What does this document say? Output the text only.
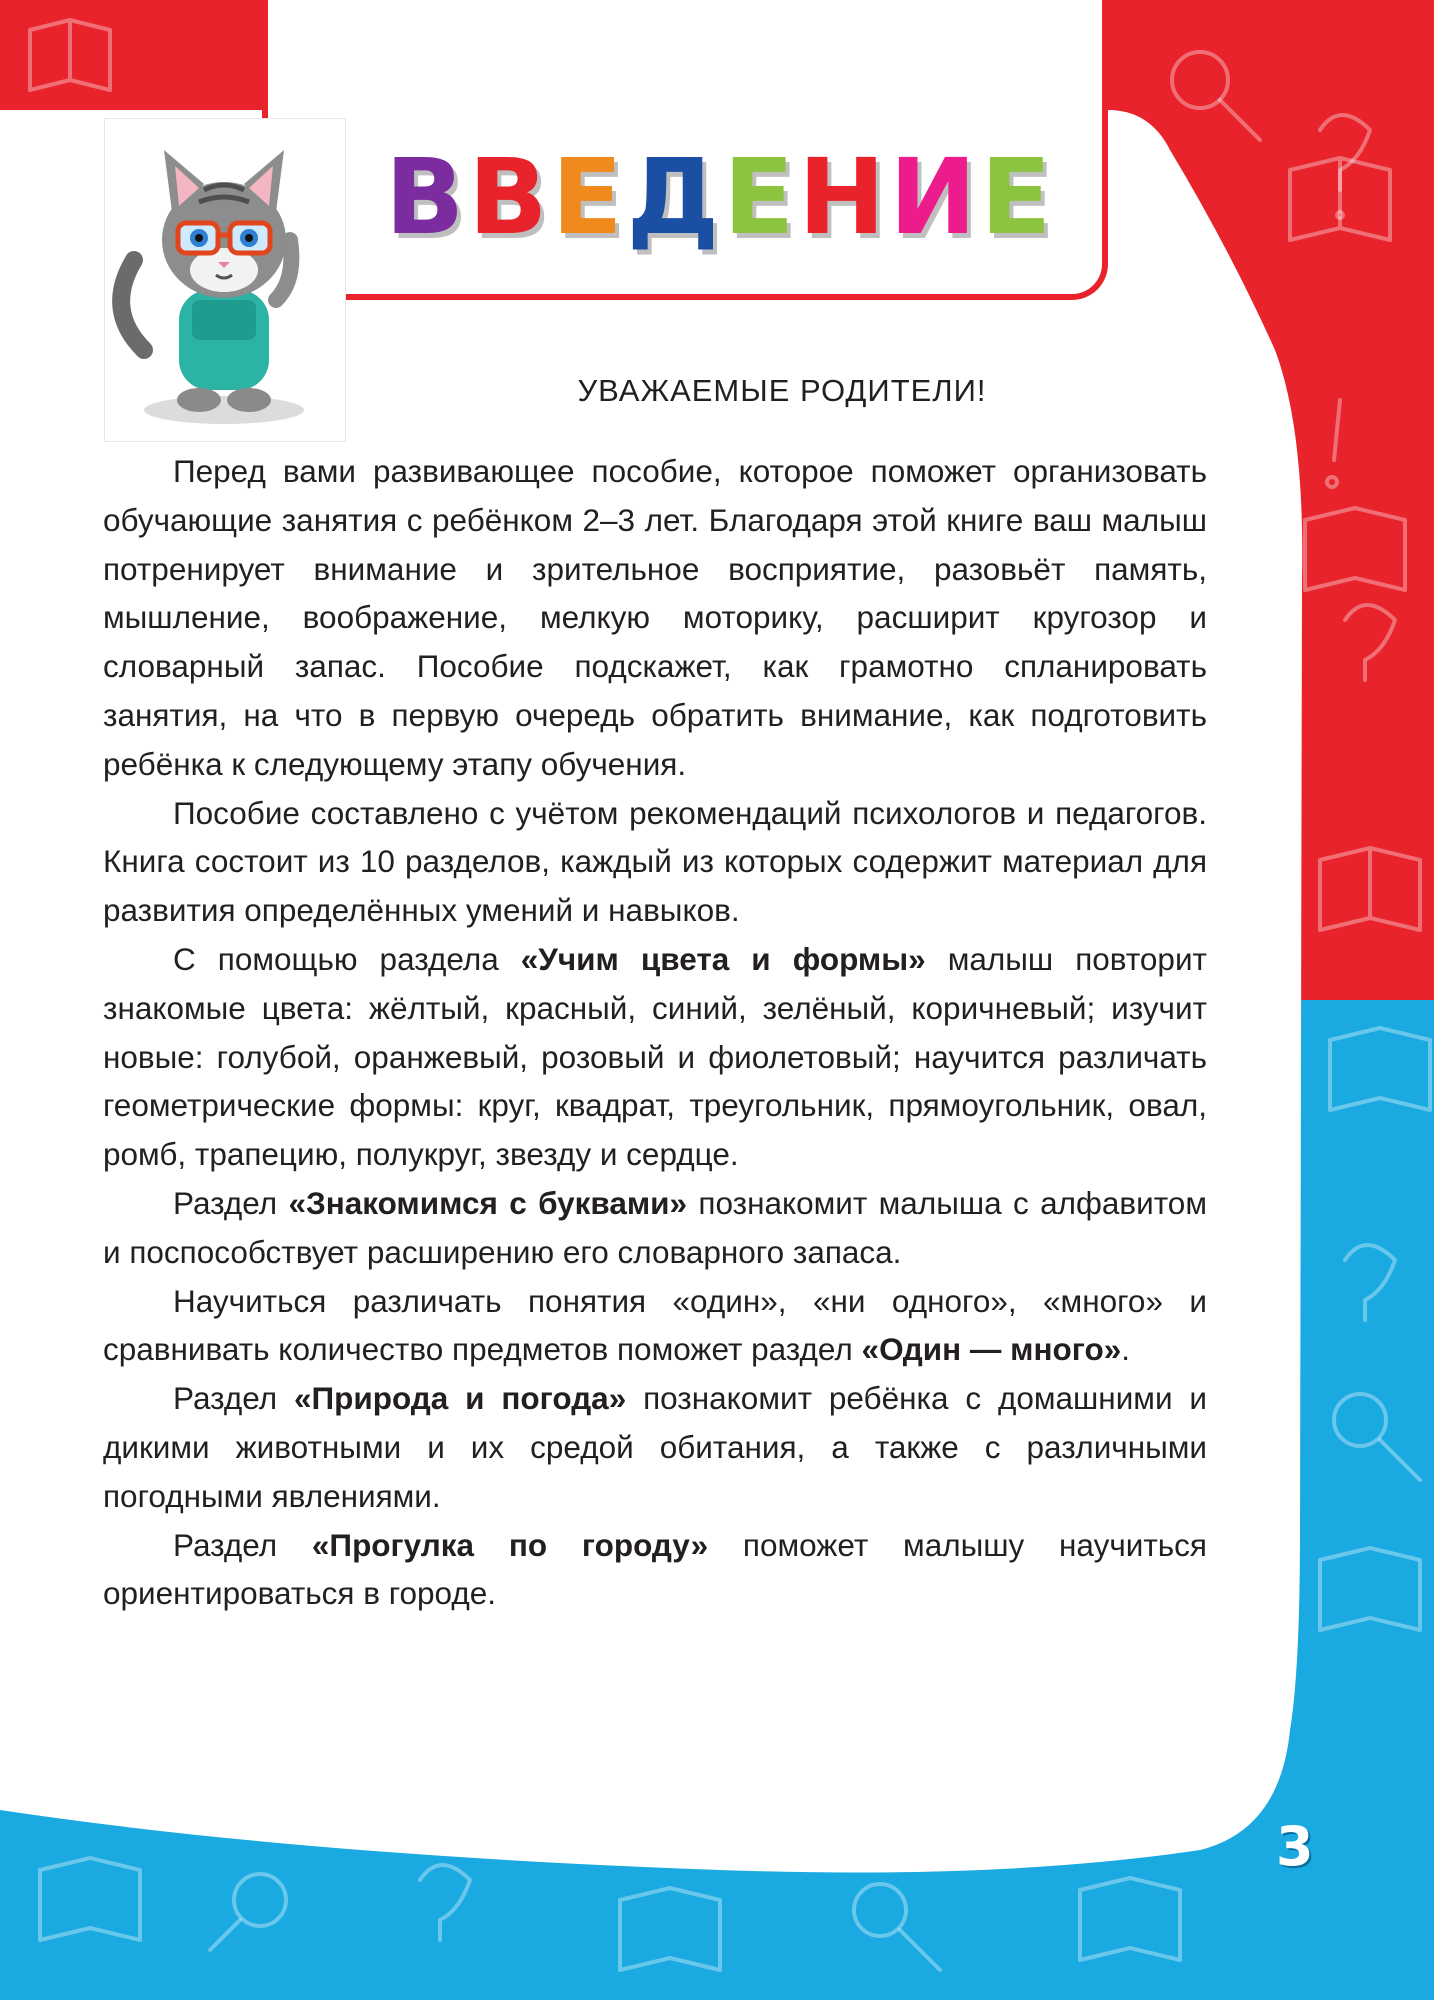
ВВЕДЕНИЕ
УВАЖАЕМЫЕ РОДИТЕЛИ!

Перед вами развивающее пособие, которое поможет организовать обучающие занятия с ребёнком 2–3 лет. Благодаря этой книге ваш малыш потренирует внимание и зрительное восприятие, разовьёт память, мышление, воображение, мелкую моторику, расширит кругозор и словарный запас. Пособие подскажет, как грамотно спланировать занятия, на что в первую очередь обратить внимание, как подготовить ребёнка к следующему этапу обучения.

Пособие составлено с учётом рекомендаций психологов и педагогов. Книга состоит из 10 разделов, каждый из которых содержит материал для развития определённых умений и навыков.

С помощью раздела «Учим цвета и формы» малыш повторит знакомые цвета: жёлтый, красный, синий, зелёный, коричневый; изучит новые: голубой, оранжевый, розовый и фиолетовый; научится различать геометрические формы: круг, квадрат, треугольник, прямоугольник, овал, ромб, трапецию, полукруг, звезду и сердце.

Раздел «Знакомимся с буквами» познакомит малыша с алфавитом и поспособствует расширению его словарного запаса.

Научиться различать понятия «один», «ни одного», «много» и сравнивать количество предметов поможет раздел «Один — много».

Раздел «Природа и погода» познакомит ребёнка с домашними и дикими животными и их средой обитания, а также с различными погодными явлениями.

Раздел «Прогулка по городу» поможет малышу научиться ориентироваться в городе.

3
